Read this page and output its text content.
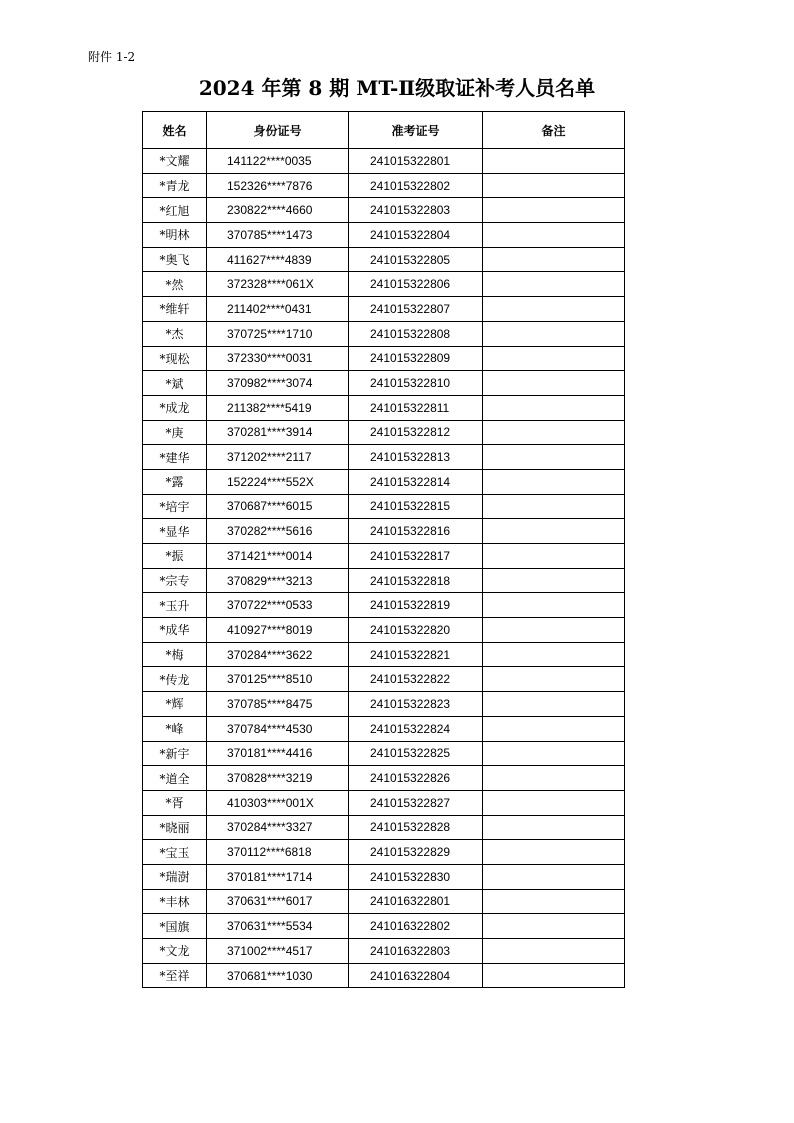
附件 1-2
2024 年第 8 期 MT-Ⅱ级取证补考人员名单
姓名	身份证号	准考证号	备注
*文耀	141122****0035	241015322801	
*青龙	152326****7876	241015322802	
*红旭	230822****4660	241015322803	
*明林	370785****1473	241015322804	
*奥飞	411627****4839	241015322805	
*然	372328****061X	241015322806	
*维轩	211402****0431	241015322807	
*杰	370725****1710	241015322808	
*现松	372330****0031	241015322809	
*斌	370982****3074	241015322810	
*成龙	211382****5419	241015322811	
*庚	370281****3914	241015322812	
*建华	371202****2117	241015322813	
*露	152224****552X	241015322814	
*培宇	370687****6015	241015322815	
*显华	370282****5616	241015322816	
*振	371421****0014	241015322817	
*宗专	370829****3213	241015322818	
*玉升	370722****0533	241015322819	
*成华	410927****8019	241015322820	
*梅	370284****3622	241015322821	
*传龙	370125****8510	241015322822	
*辉	370785****8475	241015322823	
*峰	370784****4530	241015322824	
*新宇	370181****4416	241015322825	
*道全	370828****3219	241015322826	
*胥	410303****001X	241015322827	
*晓丽	370284****3327	241015322828	
*宝玉	370112****6818	241015322829	
*瑞澍	370181****1714	241015322830	
*丰林	370631****6017	241016322801	
*国旗	370631****5534	241016322802	
*文龙	371002****4517	241016322803	
*至祥	370681****1030	241016322804	
